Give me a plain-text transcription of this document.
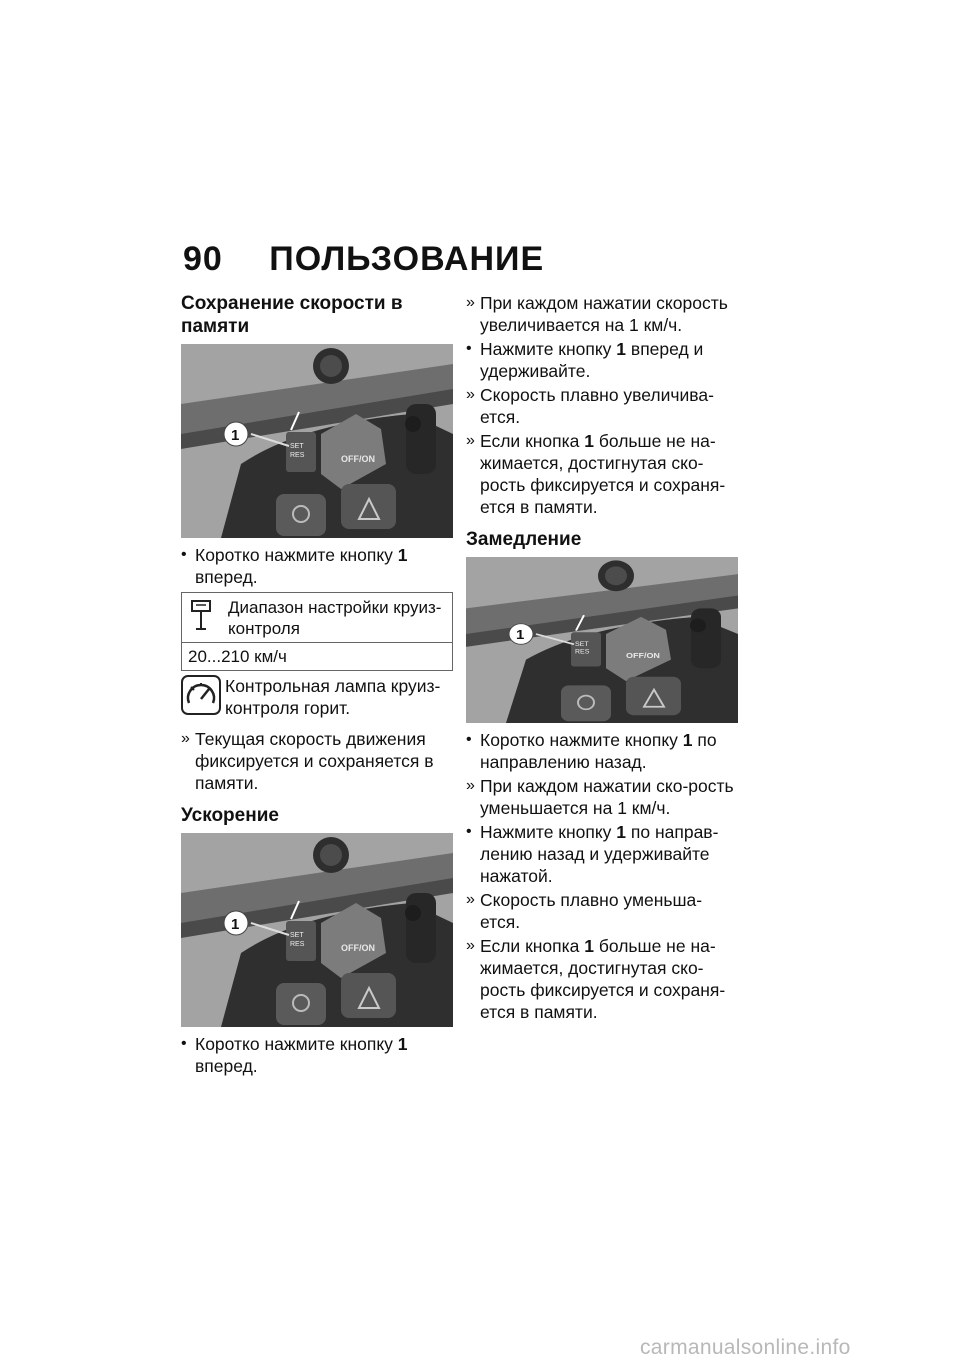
90 ПОЛЬЗОВАНИЕ
Сохранение скорости в памяти
1
SET
RES	OFF/ON
• Коротко нажмите кнопку 1 вперед.
	Диапазон настройки круиз-контроля
20...210 км/ч
Контрольная лампа круиз-контроля горит.
» Текущая скорость движения фиксируется и сохраняется в памяти.
Ускорение
1
SET
RES	OFF/ON
• Коротко нажмите кнопку 1 вперед.
» При каждом нажатии скорость увеличивается на 1 км/ч.
• Нажмите кнопку 1 вперед и удерживайте.
» Скорость плавно увеличива-ется.
» Если кнопка 1 больше не на-жимается, достигнутая ско-рость фиксируется и сохраня-ется в памяти.
Замедление
1
SET
RES	OFF/ON
• Коротко нажмите кнопку 1 по направлению назад.
» При каждом нажатии ско-рость уменьшается на 1 км/ч.
• Нажмите кнопку 1 по направ-лению назад и удерживайте нажатой.
» Скорость плавно уменьша-ется.
» Если кнопка 1 больше не на-жимается, достигнутая ско-рость фиксируется и сохраня-ется в памяти.
carmanualsonline.info
